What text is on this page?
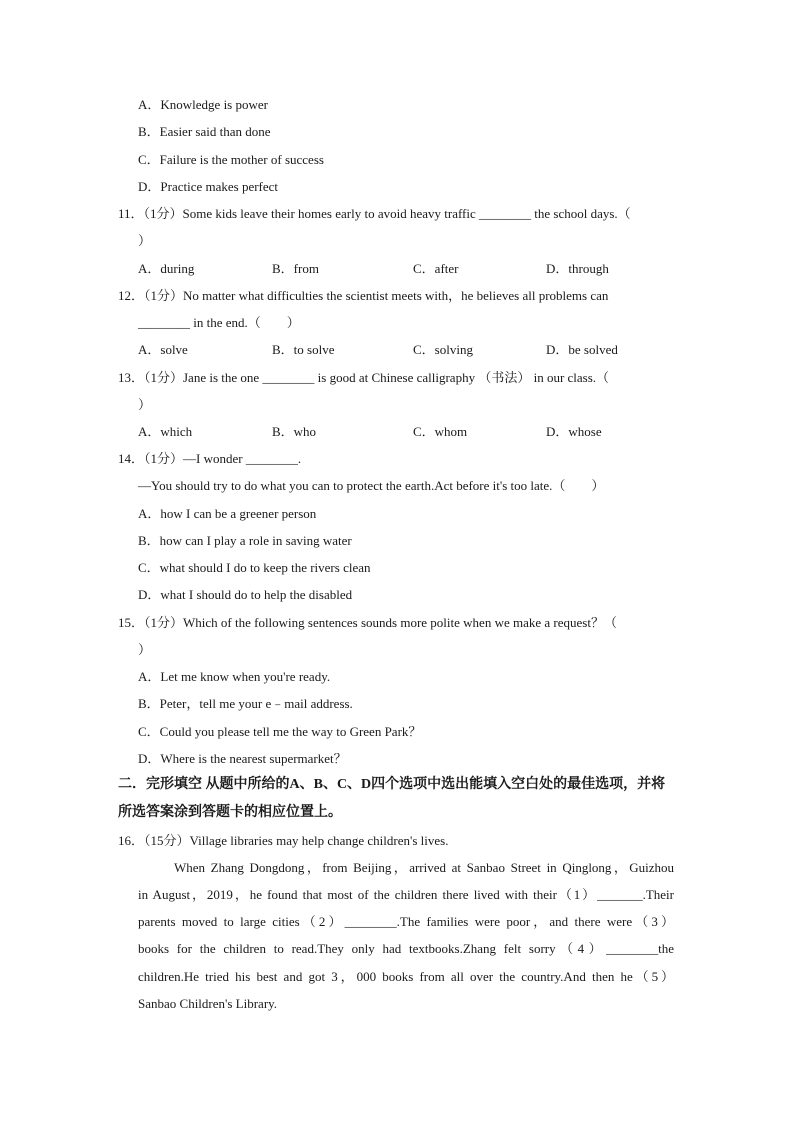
A．Knowledge is power
B．Easier said than done
C．Failure is the mother of success
D．Practice makes perfect
11．（1分）Some kids leave their homes early to avoid heavy traffic ________ the school days.（
）
A．during	B．from	C．after	D．through
12．（1分）No matter what difficulties the scientist meets with，he believes all problems can
________ in the end.（　　）
A．solve	B．to solve	C．solving	D．be solved
13．（1分）Jane is the one ________ is good at Chinese calligraphy （书法） in our class.（
）
A．which	B．who	C．whom	D．whose
14．（1分）—I wonder ________.
—You should try to do what you can to protect the earth.Act before it's too late.（　　）
A．how I can be a greener person
B．how can I play a role in saving water
C．what should I do to keep the rivers clean
D．what I should do to help the disabled
15．（1分）Which of the following sentences sounds more polite when we make a request？（
）
A．Let me know when you're ready.
B．Peter，tell me your e﹣mail address.
C．Could you please tell me the way to Green Park？
D．Where is the nearest supermarket？
二．完形填空 从题中所给的A、B、C、D四个选项中选出能填入空白处的最佳选项，并将
所选答案涂到答题卡的相应位置上。
16．（15分）Village libraries may help change children's lives.
When Zhang Dongdong，from Beijing，arrived at Sanbao Street in Qinglong，Guizhou
in August，2019，he found that most of the children there lived with their（1）_______.Their
parents moved to large cities（2）________.The families were poor，and there were（3）
books for the children to read.They only had textbooks.Zhang felt sorry（4）________the
children.He tried his best and got 3，000 books from all over the country.And then he（5）
Sanbao Children's Library.
